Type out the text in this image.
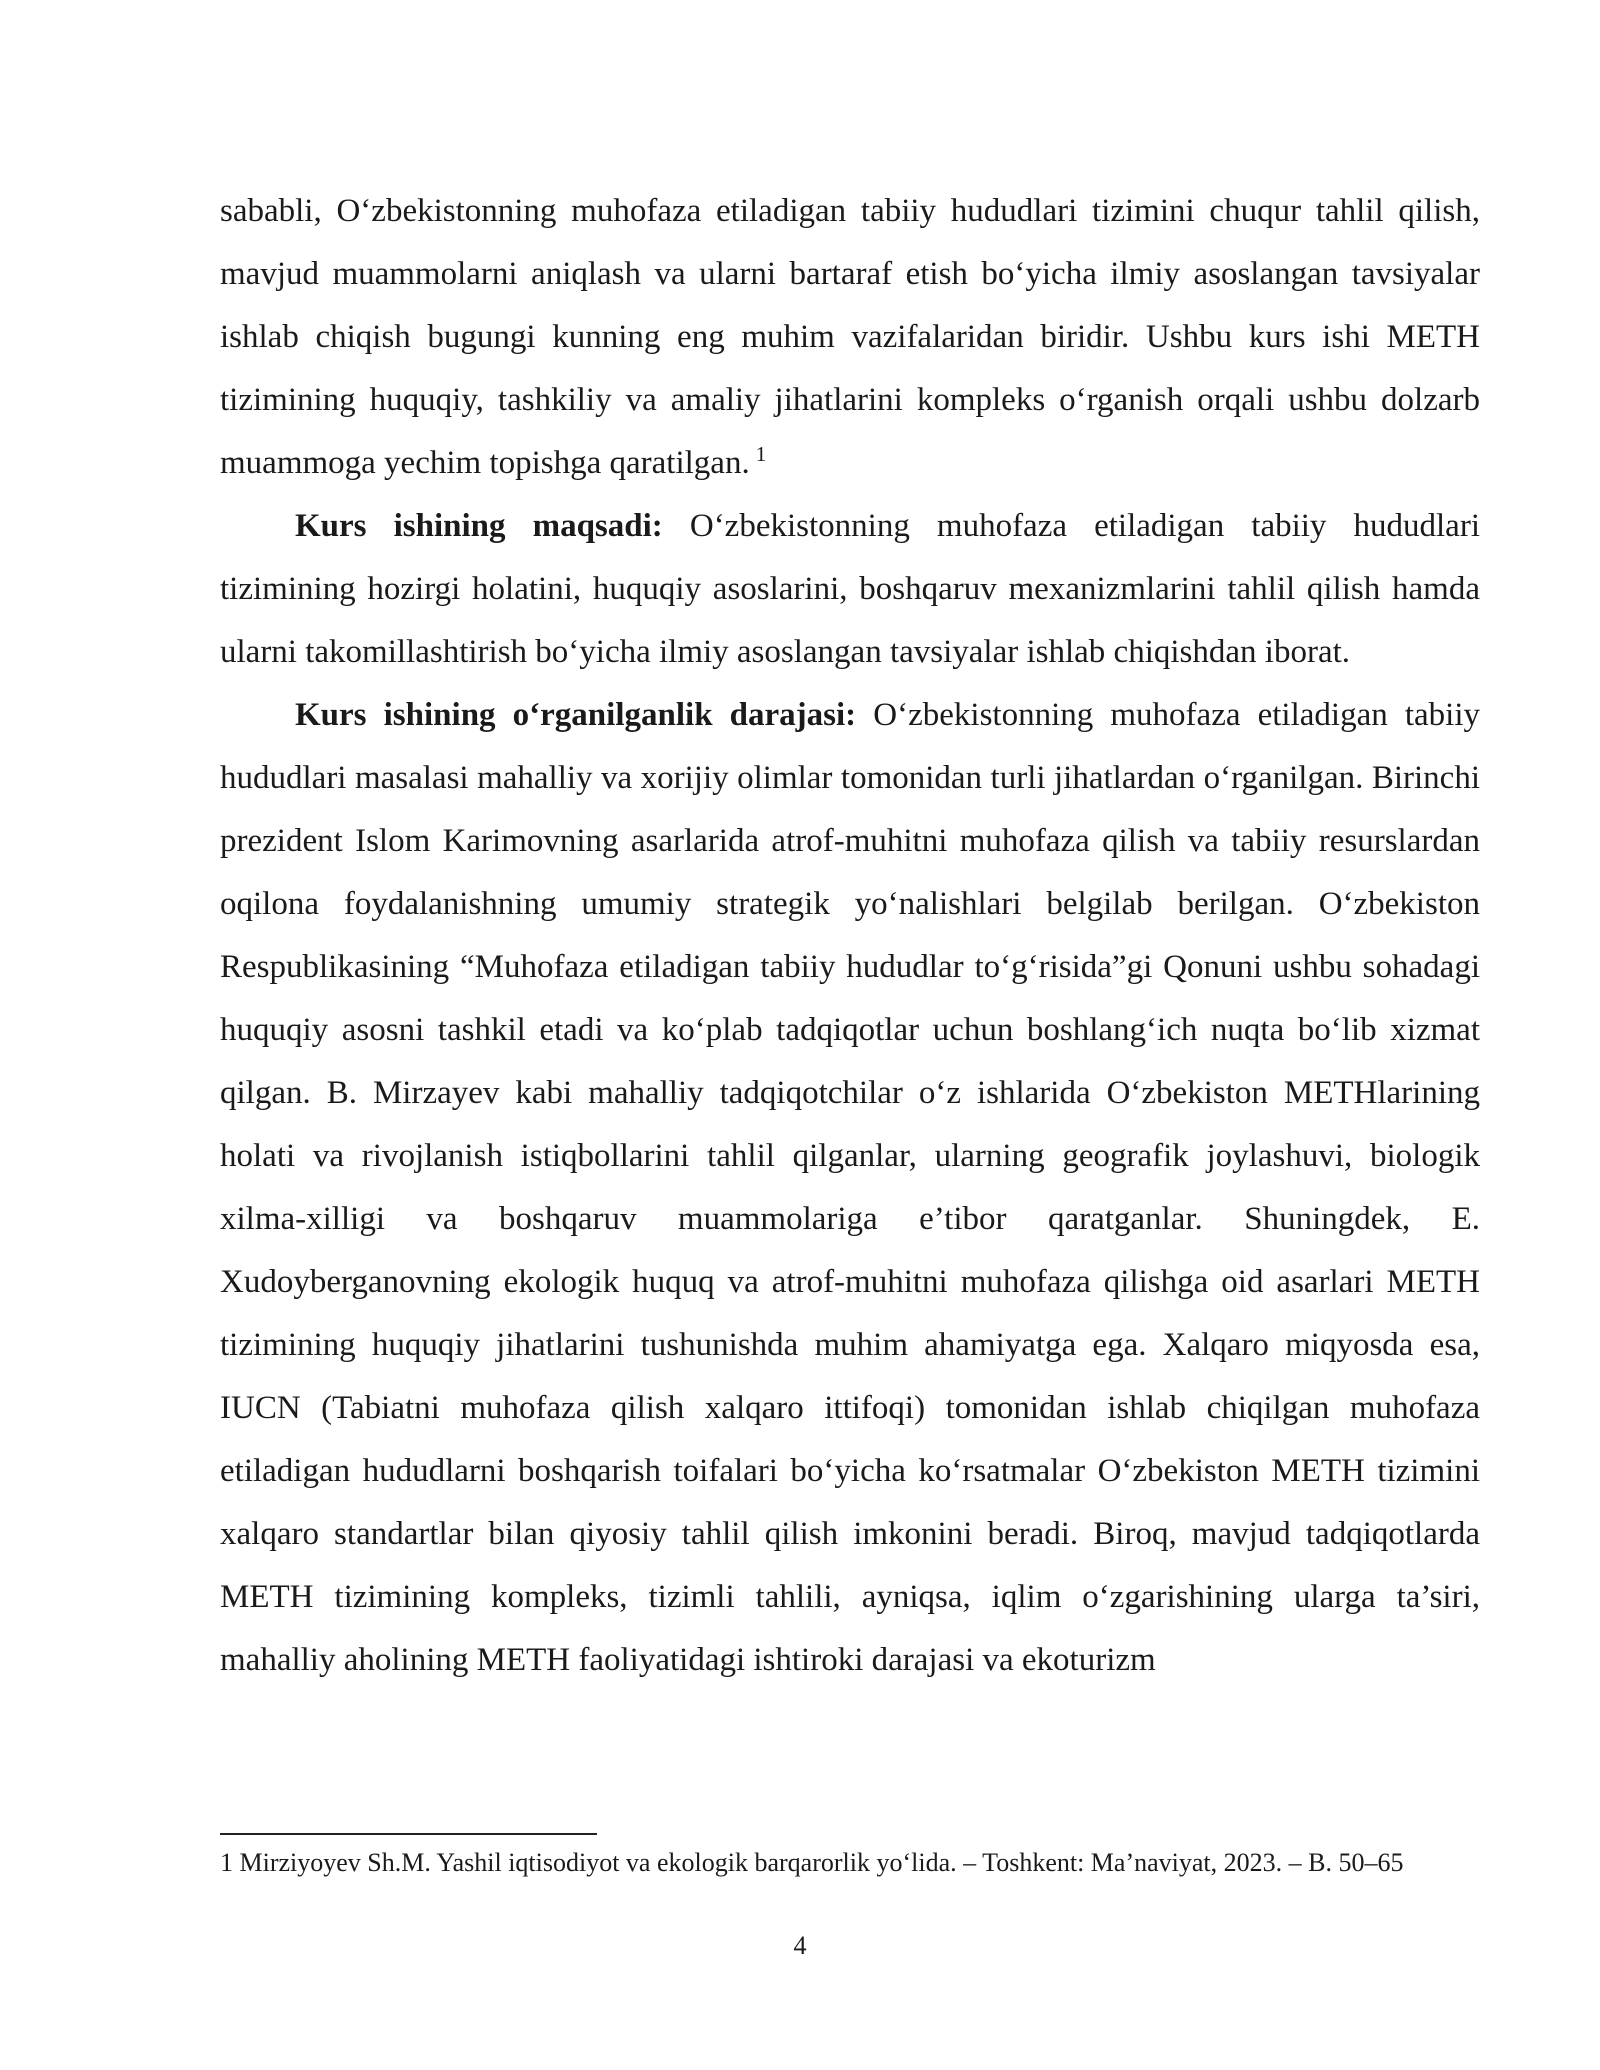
sababli, O‘zbekistonning muhofaza etiladigan tabiiy hududlari tizimini chuqur tahlil qilish, mavjud muammolarni aniqlash va ularni bartaraf etish bo‘yicha ilmiy asoslangan tavsiyalar ishlab chiqish bugungi kunning eng muhim vazifalaridan biridir. Ushbu kurs ishi METH tizimining huquqiy, tashkiliy va amaliy jihatlarini kompleks o‘rganish orqali ushbu dolzarb muammoga yechim topishga qaratilgan. $^1$

Kurs ishining maqsadi: O‘zbekistonning muhofaza etiladigan tabiiy hududlari tizimining hozirgi holatini, huquqiy asoslarini, boshqaruv mexanizmlarini tahlil qilish hamda ularni takomillashtirish bo‘yicha ilmiy asoslangan tavsiyalar ishlab chiqishdan iborat.

Kurs ishining o‘rganilganlik darajasi: O‘zbekistonning muhofaza etiladigan tabiiy hududlari masalasi mahalliy va xorijiy olimlar tomonidan turli jihatlardan o‘rganilgan. Birinchi prezident Islom Karimovning asarlarida atrof-muhitni muhofaza qilish va tabiiy resurslardan oqilona foydalanishning umumiy strategik yo‘nalishlari belgilab berilgan. O‘zbekiston Respublikasining “Muhofaza etiladigan tabiiy hududlar to‘g‘risida”gi Qonuni ushbu sohadagi huquqiy asosni tashkil etadi va ko‘plab tadqiqotlar uchun boshlang‘ich nuqta bo‘lib xizmat qilgan. B. Mirzayev kabi mahalliy tadqiqotchilar o‘z ishlarida O‘zbekiston METHlarining holati va rivojlanish istiqbollarini tahlil qilganlar, ularning geografik joylashuvi, biologik xilma-xilligi va boshqaruv muammolariga e’tibor qaratganlar. Shuningdek, E. Xudoyberganovning ekologik huquq va atrof-muhitni muhofaza qilishga oid asarlari METH tizimining huquqiy jihatlarini tushunishda muhim ahamiyatga ega. Xalqaro miqyosda esa, IUCN (Tabiatni muhofaza qilish xalqaro ittifoqi) tomonidan ishlab chiqilgan muhofaza etiladigan hududlarni boshqarish toifalari bo‘yicha ko‘rsatmalar O‘zbekiston METH tizimini xalqaro standartlar bilan qiyosiy tahlil qilish imkonini beradi. Biroq, mavjud tadqiqotlarda METH tizimining kompleks, tizimli tahlili, ayniqsa, iqlim o‘zgarishining ularga ta’siri, mahalliy aholining METH faoliyatidagi ishtiroki darajasi va ekoturizm

1 Mirziyoyev Sh.M. Yashil iqtisodiyot va ekologik barqarorlik yo‘lida. – Toshkent: Ma’naviyat, 2023. – B. 50–65
4
